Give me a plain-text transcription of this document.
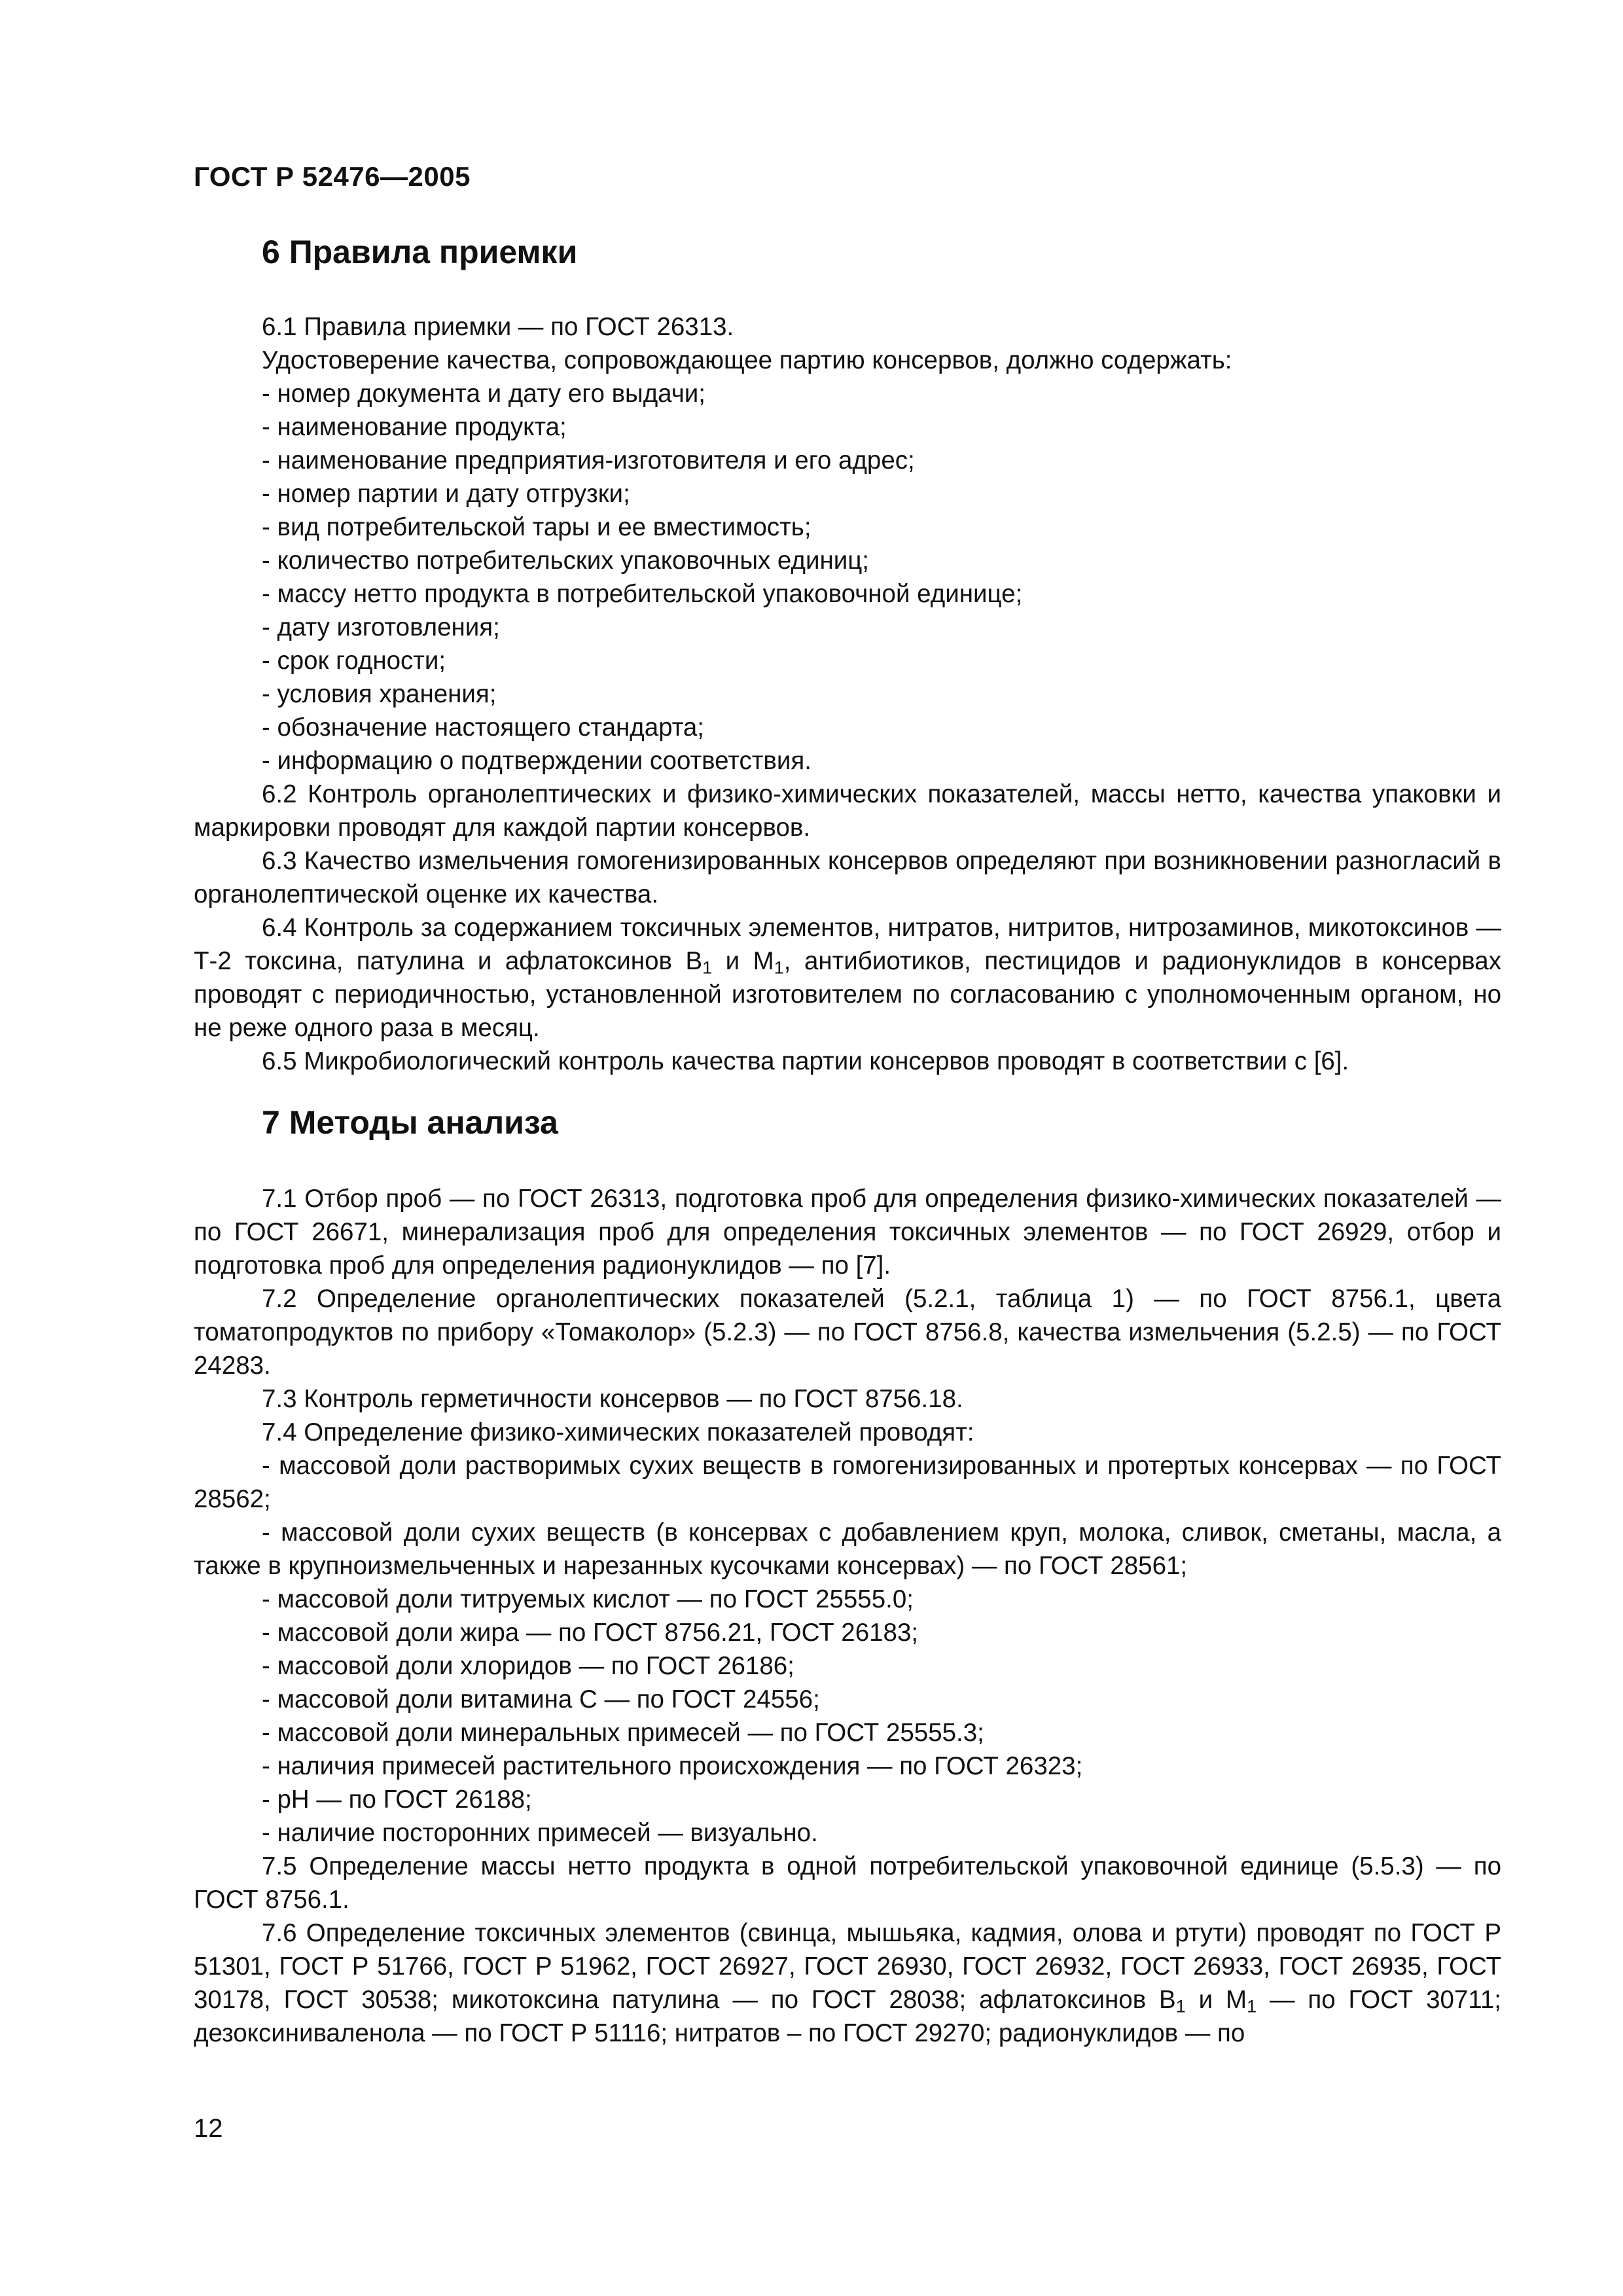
ГОСТ Р 52476—2005
6 Правила приемки

6.1 Правила приемки — по ГОСТ 26313.

Удостоверение качества, сопровождающее партию консервов, должно содержать:

- номер документа и дату его выдачи;

- наименование продукта;

- наименование предприятия-изготовителя и его адрес;

- номер партии и дату отгрузки;

- вид потребительской тары и ее вместимость;

- количество потребительских упаковочных единиц;

- массу нетто продукта в потребительской упаковочной единице;

- дату изготовления;

- срок годности;

- условия хранения;

- обозначение настоящего стандарта;

- информацию о подтверждении соответствия.

6.2 Контроль органолептических и физико-химических показателей, массы нетто, качества упаковки и маркировки проводят для каждой партии консервов.

6.3 Качество измельчения гомогенизированных консервов определяют при возникновении разногласий в органолептической оценке их качества.

6.4 Контроль за содержанием токсичных элементов, нитратов, нитритов, нитрозаминов, микотоксинов — Т-2 токсина, патулина и афлатоксинов $В_1$ и $М_1$, антибиотиков, пестицидов и радионуклидов в консервах проводят с периодичностью, установленной изготовителем по согласованию с уполномоченным органом, но не реже одного раза в месяц.

6.5 Микробиологический контроль качества партии консервов проводят в соответствии с [6].

7 Методы анализа

7.1 Отбор проб — по ГОСТ 26313, подготовка проб для определения физико-химических показателей — по ГОСТ 26671, минерализация проб для определения токсичных элементов — по ГОСТ 26929, отбор и подготовка проб для определения радионуклидов — по [7].

7.2 Определение органолептических показателей (5.2.1, таблица 1) — по ГОСТ 8756.1, цвета томатопродуктов по прибору «Томаколор» (5.2.3) — по ГОСТ 8756.8, качества измельчения (5.2.5) — по ГОСТ 24283.

7.3 Контроль герметичности консервов — по ГОСТ 8756.18.

7.4 Определение физико-химических показателей проводят:

- массовой доли растворимых сухих веществ в гомогенизированных и протертых консервах — по ГОСТ 28562;

- массовой доли сухих веществ (в консервах с добавлением круп, молока, сливок, сметаны, масла, а также в крупноизмельченных и нарезанных кусочками консервах) — по ГОСТ 28561;

- массовой доли титруемых кислот — по ГОСТ 25555.0;

- массовой доли жира — по ГОСТ 8756.21, ГОСТ 26183;

- массовой доли хлоридов — по ГОСТ 26186;

- массовой доли витамина С — по ГОСТ 24556;

- массовой доли минеральных примесей — по ГОСТ 25555.3;

- наличия примесей растительного происхождения — по ГОСТ 26323;

- рН — по ГОСТ 26188;

- наличие посторонних примесей — визуально.

7.5 Определение массы нетто продукта в одной потребительской упаковочной единице (5.5.3) — по ГОСТ 8756.1.

7.6 Определение токсичных элементов (свинца, мышьяка, кадмия, олова и ртути) проводят по ГОСТ Р 51301, ГОСТ Р 51766, ГОСТ Р 51962, ГОСТ 26927, ГОСТ 26930, ГОСТ 26932, ГОСТ 26933, ГОСТ 26935, ГОСТ 30178, ГОСТ 30538; микотоксина патулина — по ГОСТ 28038; афлатоксинов $В_1$ и $М_1$ — по ГОСТ 30711; дезоксиниваленола — по ГОСТ Р 51116; нитратов – по ГОСТ 29270; радионуклидов — по

12
